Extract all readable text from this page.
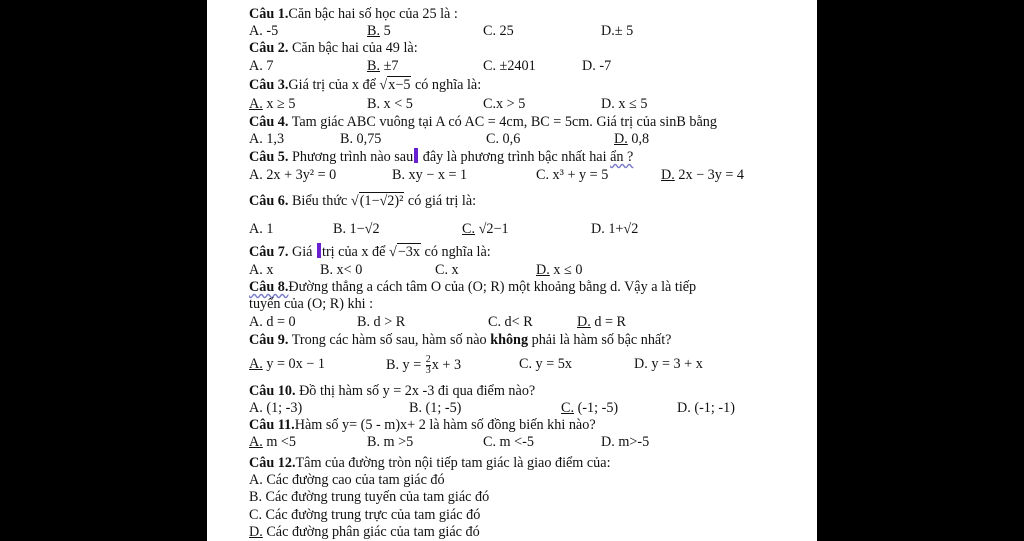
Câu 1.Căn bậc hai số học của 25 là :
A. -5	B. 5	C. 25	D.± 5
Câu 2. Căn bậc hai của 49 là:
A. 7	B. ±7	C. ±2401	D. -7
Câu 3.Giá trị của x để √x−5 có nghĩa là:
A. x ≥ 5	B. x < 5	C.x > 5	D. x ≤ 5
Câu 4. Tam giác ABC vuông tại A có AC = 4cm, BC = 5cm. Giá trị của sinB bằng
A. 1,3	B. 0,75	C. 0,6	D. 0,8
Câu 5. Phương trình nào sau đây là phương trình bậc nhất hai ẩn ?
A. 2x + 3y² = 0	B. xy − x = 1	C. x³ + y = 5	D. 2x − 3y = 4
Câu 6. Biểu thức √(1−√2)² có giá trị là:
A. 1	B. 1−√2	C. √2−1	D. 1+√2
Câu 7. Giá trị của x để √−3x có nghĩa là:
A. x	B. x< 0	C. x	D. x ≤ 0
Câu 8.Đường thẳng a cách tâm O của (O; R) một khoảng bằng d. Vậy a là tiếp
tuyến của (O; R) khi :
A. d = 0	B. d > R	C. d< R	D. d = R
Câu 9. Trong các hàm số sau, hàm số nào không phải là hàm số bậc nhất?
A. y = 0x − 1	B. $y = \frac{2}{3}$ x + 3	C. y = 5x	D. y = 3 + x
Câu 10. Đồ thị hàm số y = 2x -3 đi qua điểm nào?
A. (1; -3)	B. (1; -5)	C. (-1; -5)	D. (-1; -1)
Câu 11.Hàm số y= (5 - m)x+ 2 là hàm số đồng biến khi nào?
A. m <5	B. m >5	C. m <-5	D. m>-5
Câu 12.Tâm của đường tròn nội tiếp tam giác là giao điểm của:
A. Các đường cao của tam giác đó
B. Các đường trung tuyến của tam giác đó
C. Các đường trung trực của tam giác đó
D. Các đường phân giác của tam giác đó
